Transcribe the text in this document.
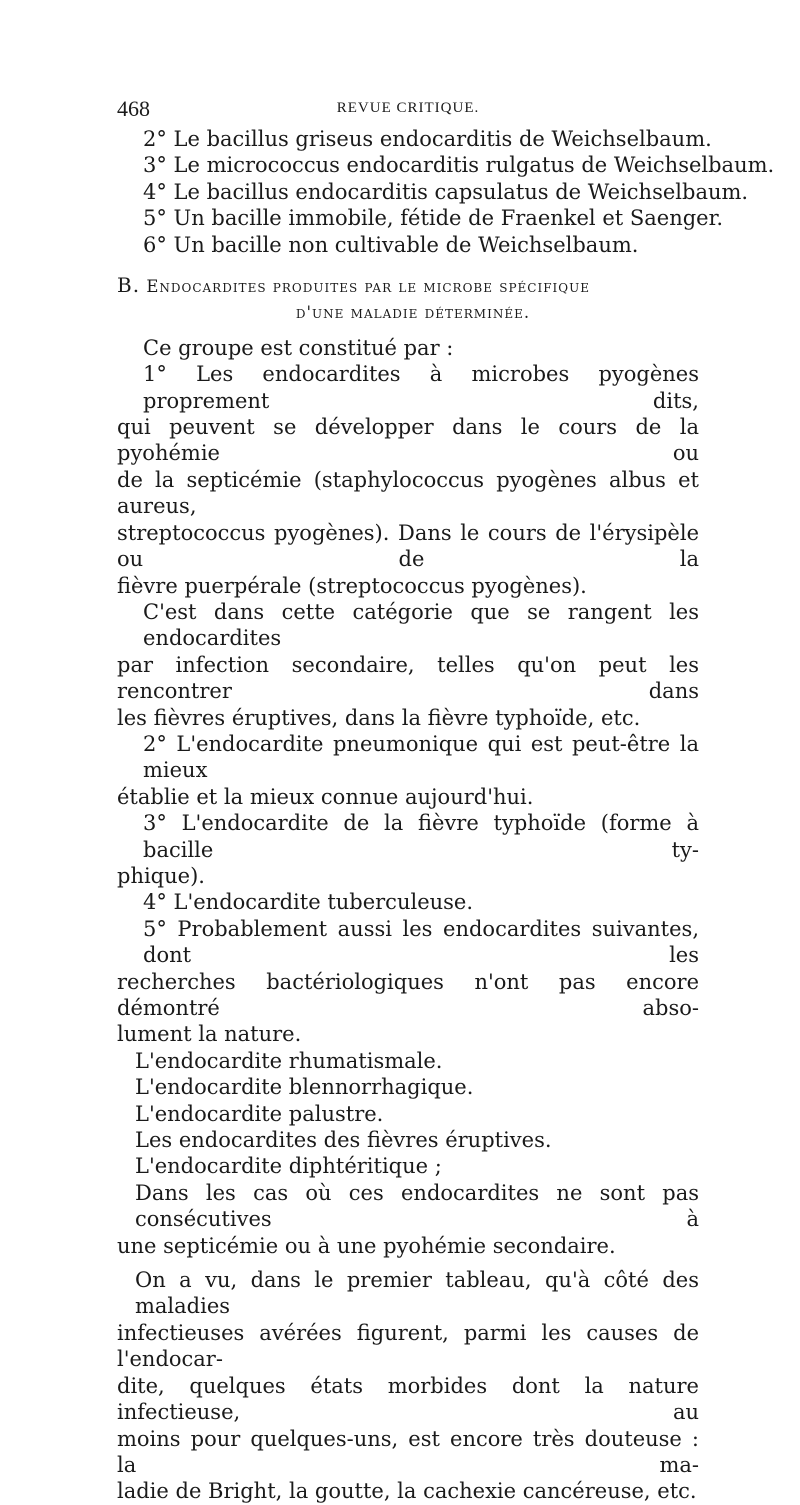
468	REVUE CRITIQUE.
2° Le bacillus griseus endocarditis de Weichselbaum.
3° Le micrococcus endocarditis rulgatus de Weichselbaum.
4° Le bacillus endocarditis capsulatus de Weichselbaum.
5° Un bacille immobile, fétide de Fraenkel et Saenger.
6° Un bacille non cultivable de Weichselbaum.
B. Endocardites produites par le microbe spécifique
d'une maladie déterminée.
Ce groupe est constitué par :
1° Les endocardites à microbes pyogènes proprement dits,
qui peuvent se développer dans le cours de la pyohémie ou
de la septicémie (staphylococcus pyogènes albus et aureus,
streptococcus pyogènes). Dans le cours de l'érysipèle ou de la
fièvre puerpérale (streptococcus pyogènes).
C'est dans cette catégorie que se rangent les endocardites
par infection secondaire, telles qu'on peut les rencontrer dans
les fièvres éruptives, dans la fièvre typhoïde, etc.
2° L'endocardite pneumonique qui est peut-être la mieux
établie et la mieux connue aujourd'hui.
3° L'endocardite de la fièvre typhoïde (forme à bacille ty-
phique).
4° L'endocardite tuberculeuse.
5° Probablement aussi les endocardites suivantes, dont les
recherches bactériologiques n'ont pas encore démontré abso-
lument la nature.
L'endocardite rhumatismale.
L'endocardite blennorrhagique.
L'endocardite palustre.
Les endocardites des fièvres éruptives.
L'endocardite diphtéritique ;
Dans les cas où ces endocardites ne sont pas consécutives à
une septicémie ou à une pyohémie secondaire.
On a vu, dans le premier tableau, qu'à côté des maladies
infectieuses avérées figurent, parmi les causes de l'endocar-
dite, quelques états morbides dont la nature infectieuse, au
moins pour quelques-uns, est encore très douteuse : la ma-
ladie de Bright, la goutte, la cachexie cancéreuse, etc.
